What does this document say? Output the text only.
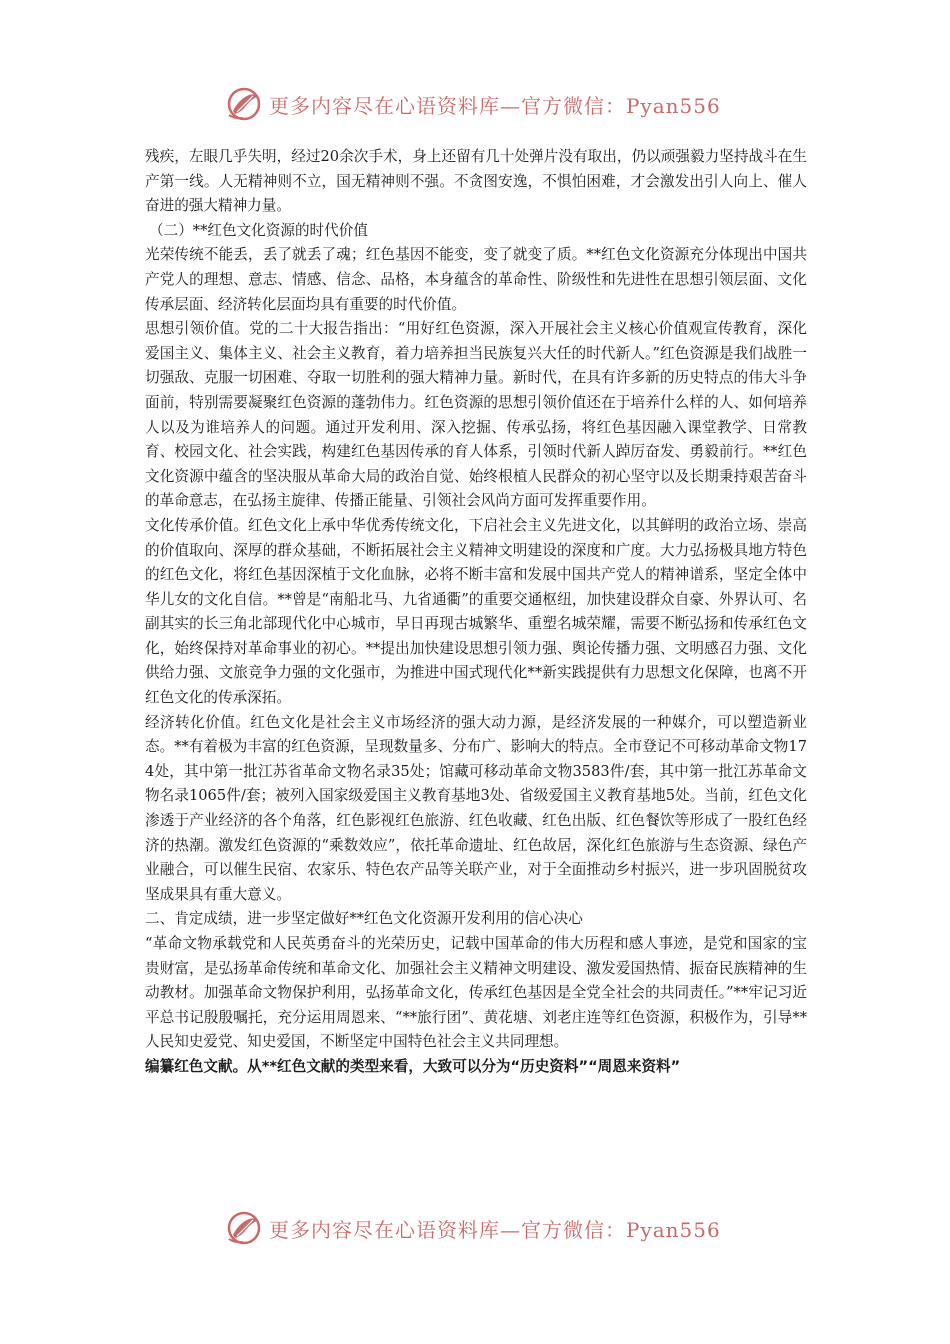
更多内容尽在心语资料库—官方微信：Pyan556

残疾，左眼几乎失明，经过20余次手术，身上还留有几十处弹片没有取出，仍以顽强毅力坚持战斗在生产第一线。人无精神则不立，国无精神则不强。不贪图安逸，不惧怕困难，才会激发出引人向上、催人奋进的强大精神力量。

（二）**红色文化资源的时代价值

光荣传统不能丢，丢了就丢了魂；红色基因不能变，变了就变了质。**红色文化资源充分体现出中国共产党人的理想、意志、情感、信念、品格，本身蕴含的革命性、阶级性和先进性在思想引领层面、文化传承层面、经济转化层面均具有重要的时代价值。

思想引领价值。党的二十大报告指出：“用好红色资源，深入开展社会主义核心价值观宣传教育，深化爱国主义、集体主义、社会主义教育，着力培养担当民族复兴大任的时代新人。”红色资源是我们战胜一切强敌、克服一切困难、夺取一切胜利的强大精神力量。新时代，在具有许多新的历史特点的伟大斗争面前，特别需要凝聚红色资源的蓬勃伟力。红色资源的思想引领价值还在于培养什么样的人、如何培养人以及为谁培养人的问题。通过开发利用、深入挖掘、传承弘扬，将红色基因融入课堂教学、日常教育、校园文化、社会实践，构建红色基因传承的育人体系，引领时代新人踔厉奋发、勇毅前行。**红色文化资源中蕴含的坚决服从革命大局的政治自觉、始终根植人民群众的初心坚守以及长期秉持艰苦奋斗的革命意志，在弘扬主旋律、传播正能量、引领社会风尚方面可发挥重要作用。

文化传承价值。红色文化上承中华优秀传统文化，下启社会主义先进文化，以其鲜明的政治立场、崇高的价值取向、深厚的群众基础，不断拓展社会主义精神文明建设的深度和广度。大力弘扬极具地方特色的红色文化，将红色基因深植于文化血脉，必将不断丰富和发展中国共产党人的精神谱系，坚定全体中华儿女的文化自信。**曾是“南船北马、九省通衢”的重要交通枢纽，加快建设群众自豪、外界认可、名副其实的长三角北部现代化中心城市，早日再现古城繁华、重塑名城荣耀，需要不断弘扬和传承红色文化，始终保持对革命事业的初心。**提出加快建设思想引领力强、舆论传播力强、文明感召力强、文化供给力强、文旅竞争力强的文化强市，为推进中国式现代化**新实践提供有力思想文化保障，也离不开红色文化的传承深拓。

经济转化价值。红色文化是社会主义市场经济的强大动力源，是经济发展的一种媒介，可以塑造新业态。**有着极为丰富的红色资源，呈现数量多、分布广、影响大的特点。全市登记不可移动革命文物174处，其中第一批江苏省革命文物名录35处；馆藏可移动革命文物3583件/套，其中第一批江苏革命文物名录1065件/套；被列入国家级爱国主义教育基地3处、省级爱国主义教育基地5处。当前，红色文化渗透于产业经济的各个角落，红色影视红色旅游、红色收藏、红色出版、红色餐饮等形成了一股红色经济的热潮。激发红色资源的“乘数效应”，依托革命遗址、红色故居，深化红色旅游与生态资源、绿色产业融合，可以催生民宿、农家乐、特色农产品等关联产业，对于全面推动乡村振兴，进一步巩固脱贫攻坚成果具有重大意义。

二、肯定成绩，进一步坚定做好**红色文化资源开发利用的信心决心

“革命文物承载党和人民英勇奋斗的光荣历史，记载中国革命的伟大历程和感人事迹，是党和国家的宝贵财富，是弘扬革命传统和革命文化、加强社会主义精神文明建设、激发爱国热情、振奋民族精神的生动教材。加强革命文物保护利用，弘扬革命文化，传承红色基因是全党全社会的共同责任。”**牢记习近平总书记殷殷嘱托，充分运用周恩来、“**旅行团”、黄花塘、刘老庄连等红色资源，积极作为，引导**人民知史爱党、知史爱国，不断坚定中国特色社会主义共同理想。

编纂红色文献。从**红色文献的类型来看，大致可以分为“历史资料”“周恩来资料”

更多内容尽在心语资料库—官方微信：Pyan556
